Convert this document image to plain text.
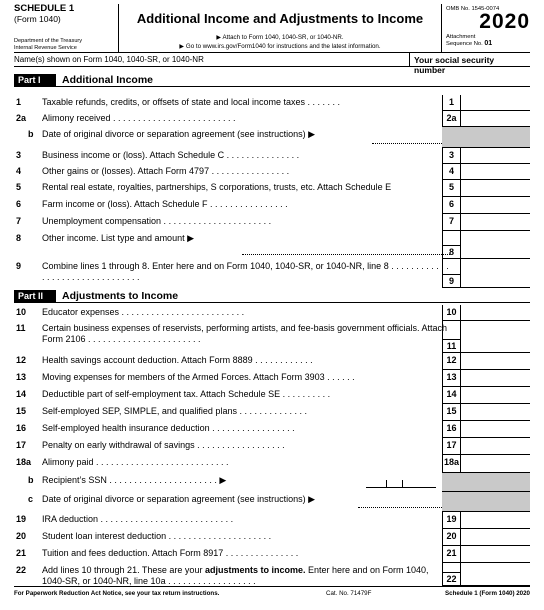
SCHEDULE 1
(Form 1040)
Department of the Treasury
Internal Revenue Service
Additional Income and Adjustments to Income
▶ Attach to Form 1040, 1040-SR, or 1040-NR.
▶ Go to www.irs.gov/Form1040 for instructions and the latest information.
OMB No. 1545-0074
2020
Attachment
Sequence No. 01
Name(s) shown on Form 1040, 1040-SR, or 1040-NR	Your social security number
Part I	Additional Income
1 Taxable refunds, credits, or offsets of state and local income taxes . . . . . . .	1
2a Alimony received . . . . . . . . . . . . . . . . . . . . . . . . .	2a
b Date of original divorce or separation agreement (see instructions) ▶
3 Business income or (loss). Attach Schedule C . . . . . . . . . . . . . . .	3
4 Other gains or (losses). Attach Form 4797 . . . . . . . . . . . . . . . .	4
5 Rental real estate, royalties, partnerships, S corporations, trusts, etc. Attach Schedule E	5
6 Farm income or (loss). Attach Schedule F . . . . . . . . . . . . . . . .	6
7 Unemployment compensation . . . . . . . . . . . . . . . . . . . . . .	7
8 Other income. List type and amount ▶
8
9 Combine lines 1 through 8. Enter here and on Form 1040, 1040-SR, or 1040-NR, line 8 . . . . . . . . . . . . . . . . . . . . . . . . . . . . . . . .	9
Part II	Adjustments to Income
10 Educator expenses . . . . . . . . . . . . . . . . . . . . . . . . .	10
11 Certain business expenses of reservists, performing artists, and fee-basis government officials. Attach Form 2106 . . . . . . . . . . . . . . . . . . . . . . .
11
12 Health savings account deduction. Attach Form 8889 . . . . . . . . . . . .	12
13 Moving expenses for members of the Armed Forces. Attach Form 3903 . . . . . .	13
14 Deductible part of self-employment tax. Attach Schedule SE . . . . . . . . . .	14
15 Self-employed SEP, SIMPLE, and qualified plans . . . . . . . . . . . . . .	15
16 Self-employed health insurance deduction . . . . . . . . . . . . . . . . .	16
17 Penalty on early withdrawal of savings . . . . . . . . . . . . . . . . . .	17
18a Alimony paid . . . . . . . . . . . . . . . . . . . . . . . . . . .	18a
b Recipient’s SSN . . . . . . . . . . . . . . . . . . . . . . ▶
c Date of original divorce or separation agreement (see instructions) ▶
19 IRA deduction . . . . . . . . . . . . . . . . . . . . . . . . . . .	19
20 Student loan interest deduction . . . . . . . . . . . . . . . . . . . . .	20
21 Tuition and fees deduction. Attach Form 8917 . . . . . . . . . . . . . . .	21
22 Add lines 10 through 21. These are your adjustments to income. Enter here and on Form 1040, 1040-SR, or 1040-NR, line 10a . . . . . . . . . . . . . . . . . .	22
For Paperwork Reduction Act Notice, see your tax return instructions.	Cat. No. 71479F	Schedule 1 (Form 1040) 2020
